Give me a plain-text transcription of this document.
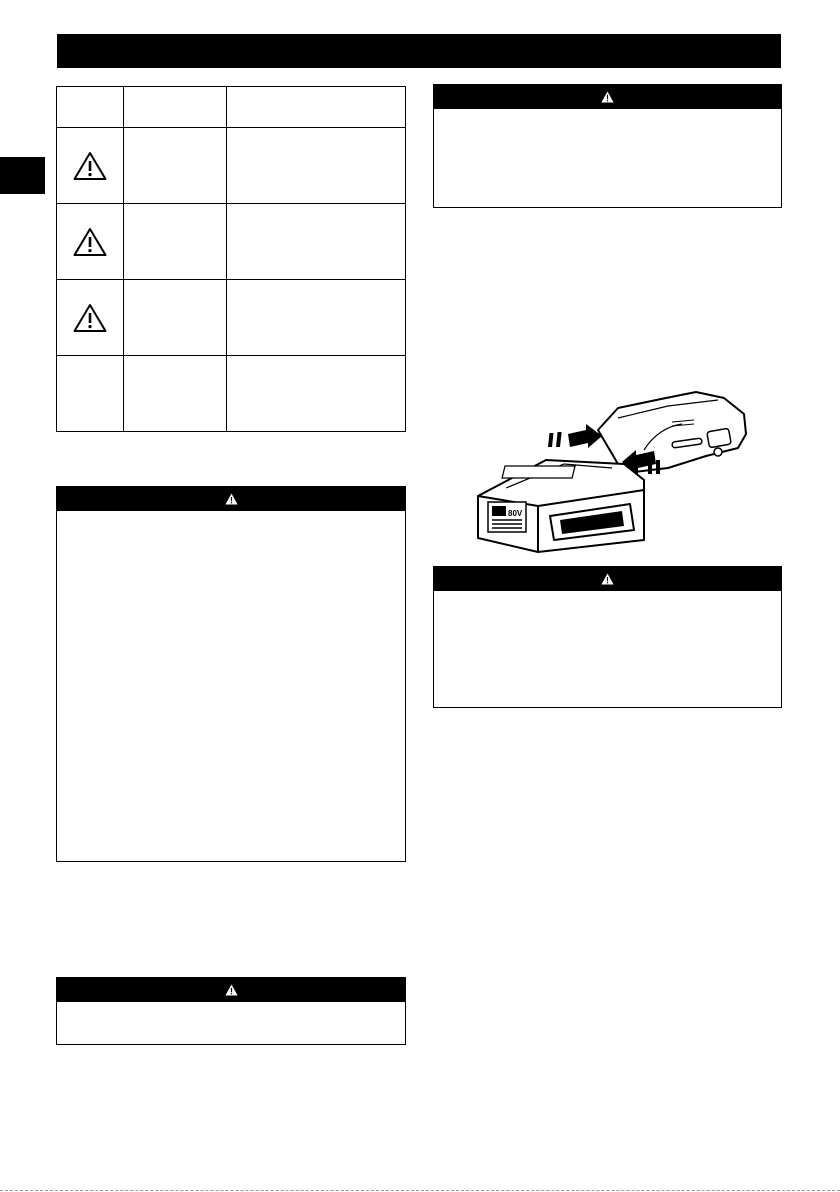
80V
